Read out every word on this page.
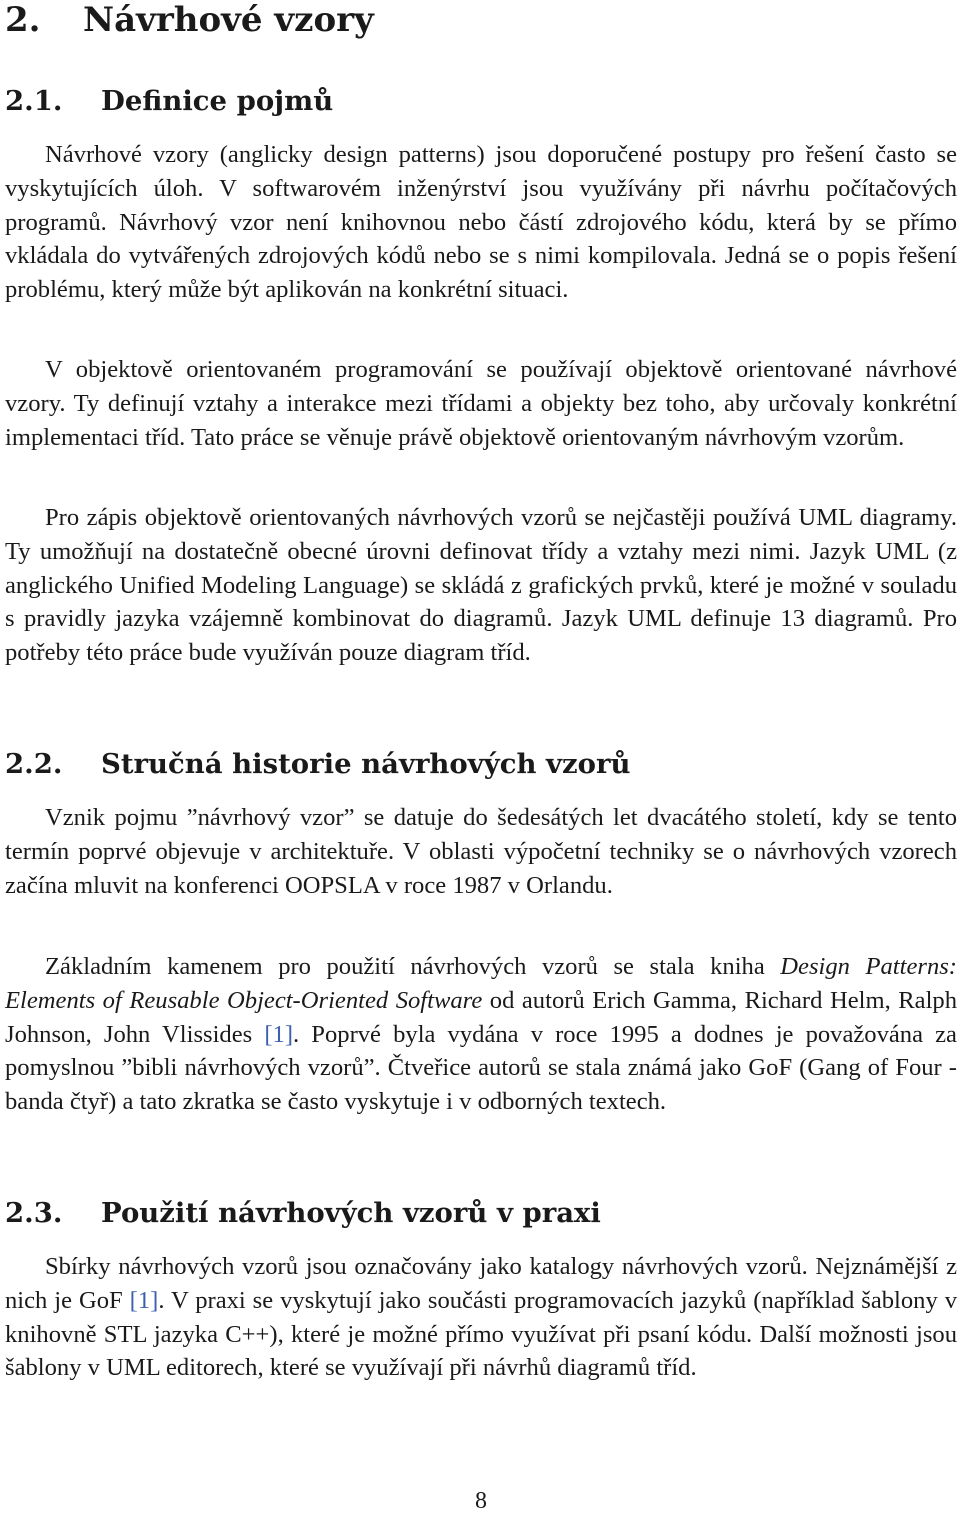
2. Návrhové vzory
2.1. Definice pojmů

Návrhové vzory (anglicky design patterns) jsou doporučené postupy pro řešení často se vyskytujících úloh. V softwarovém inženýrství jsou využívány při návrhu počítačových programů. Návrhový vzor není knihovnou nebo částí zdrojového kódu, která by se přímo vkládala do vytvářených zdrojových kódů nebo se s nimi kompilovala. Jedná se o popis řešení problému, který může být aplikován na konkrétní situaci.

V objektově orientovaném programování se používají objektově orientované návrhové vzory. Ty definují vztahy a interakce mezi třídami a objekty bez toho, aby určovaly konkrétní implementaci tříd. Tato práce se věnuje právě objektově orientovaným návrhovým vzorům.

Pro zápis objektově orientovaných návrhových vzorů se nejčastěji používá UML diagramy. Ty umožňují na dostatečně obecné úrovni definovat třídy a vztahy mezi nimi. Jazyk UML (z anglického Unified Modeling Language) se skládá z grafických prvků, které je možné v souladu s pravidly jazyka vzájemně kombinovat do diagramů. Jazyk UML definuje 13 diagramů. Pro potřeby této práce bude využíván pouze diagram tříd.

2.2. Stručná historie návrhových vzorů

Vznik pojmu ”návrhový vzor” se datuje do šedesátých let dvacátého století, kdy se tento termín poprvé objevuje v architektuře. V oblasti výpočetní techniky se o návrhových vzorech začína mluvit na konferenci OOPSLA v roce 1987 v Orlandu.

Základním kamenem pro použití návrhových vzorů se stala kniha Design Patterns: Elements of Reusable Object-Oriented Software od autorů Erich Gamma, Richard Helm, Ralph Johnson, John Vlissides [1]. Poprvé byla vydána v roce 1995 a dodnes je považována za pomyslnou ”bibli návrhových vzorů”. Čtveřice autorů se stala známá jako GoF (Gang of Four - banda čtyř) a tato zkratka se často vyskytuje i v odborných textech.

2.3. Použití návrhových vzorů v praxi

Sbírky návrhových vzorů jsou označovány jako katalogy návrhových vzorů. Nejznámější z nich je GoF [1]. V praxi se vyskytují jako součásti programovacích jazyků (například šablony v knihovně STL jazyka C++), které je možné přímo využívat při psaní kódu. Další možnosti jsou šablony v UML editorech, které se využívají při návrhů diagramů tříd.

8
